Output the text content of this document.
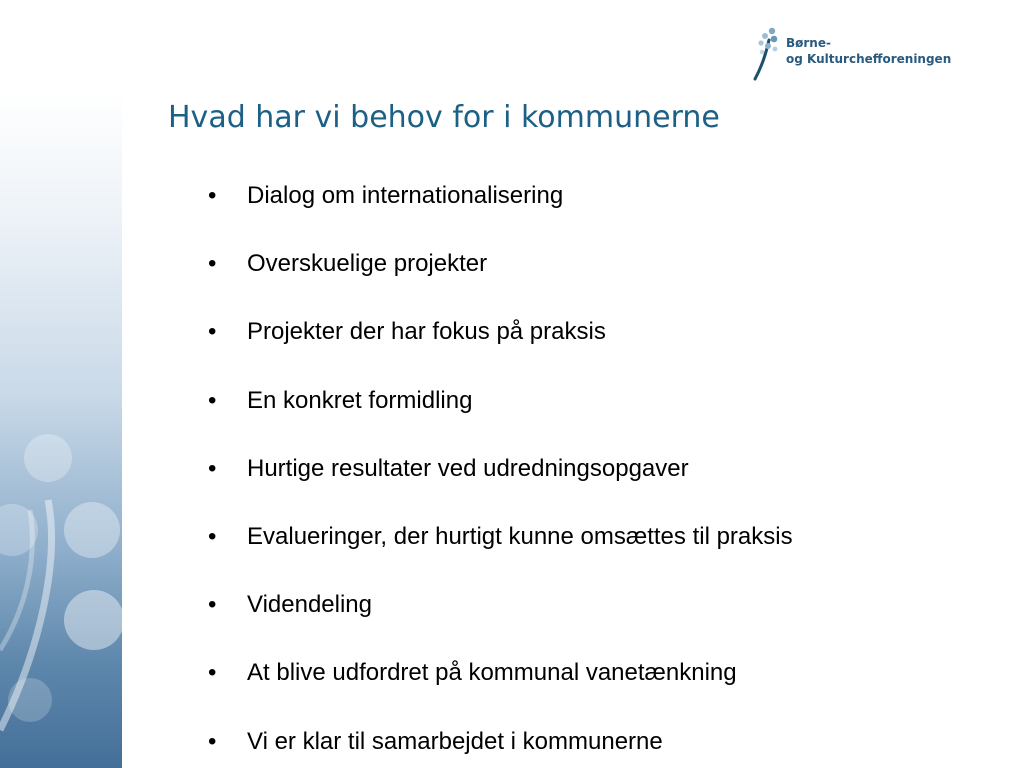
Børne-
og Kulturchefforeningen
Hvad har vi behov for i kommunerne
• Dialog om internationalisering
• Overskuelige projekter
• Projekter der har fokus på praksis
• En konkret formidling
• Hurtige resultater ved udredningsopgaver
• Evalueringer, der hurtigt kunne omsættes til praksis
• Videndeling
• At blive udfordret på kommunal vanetænkning
• Vi er klar til samarbejdet i kommunerne
